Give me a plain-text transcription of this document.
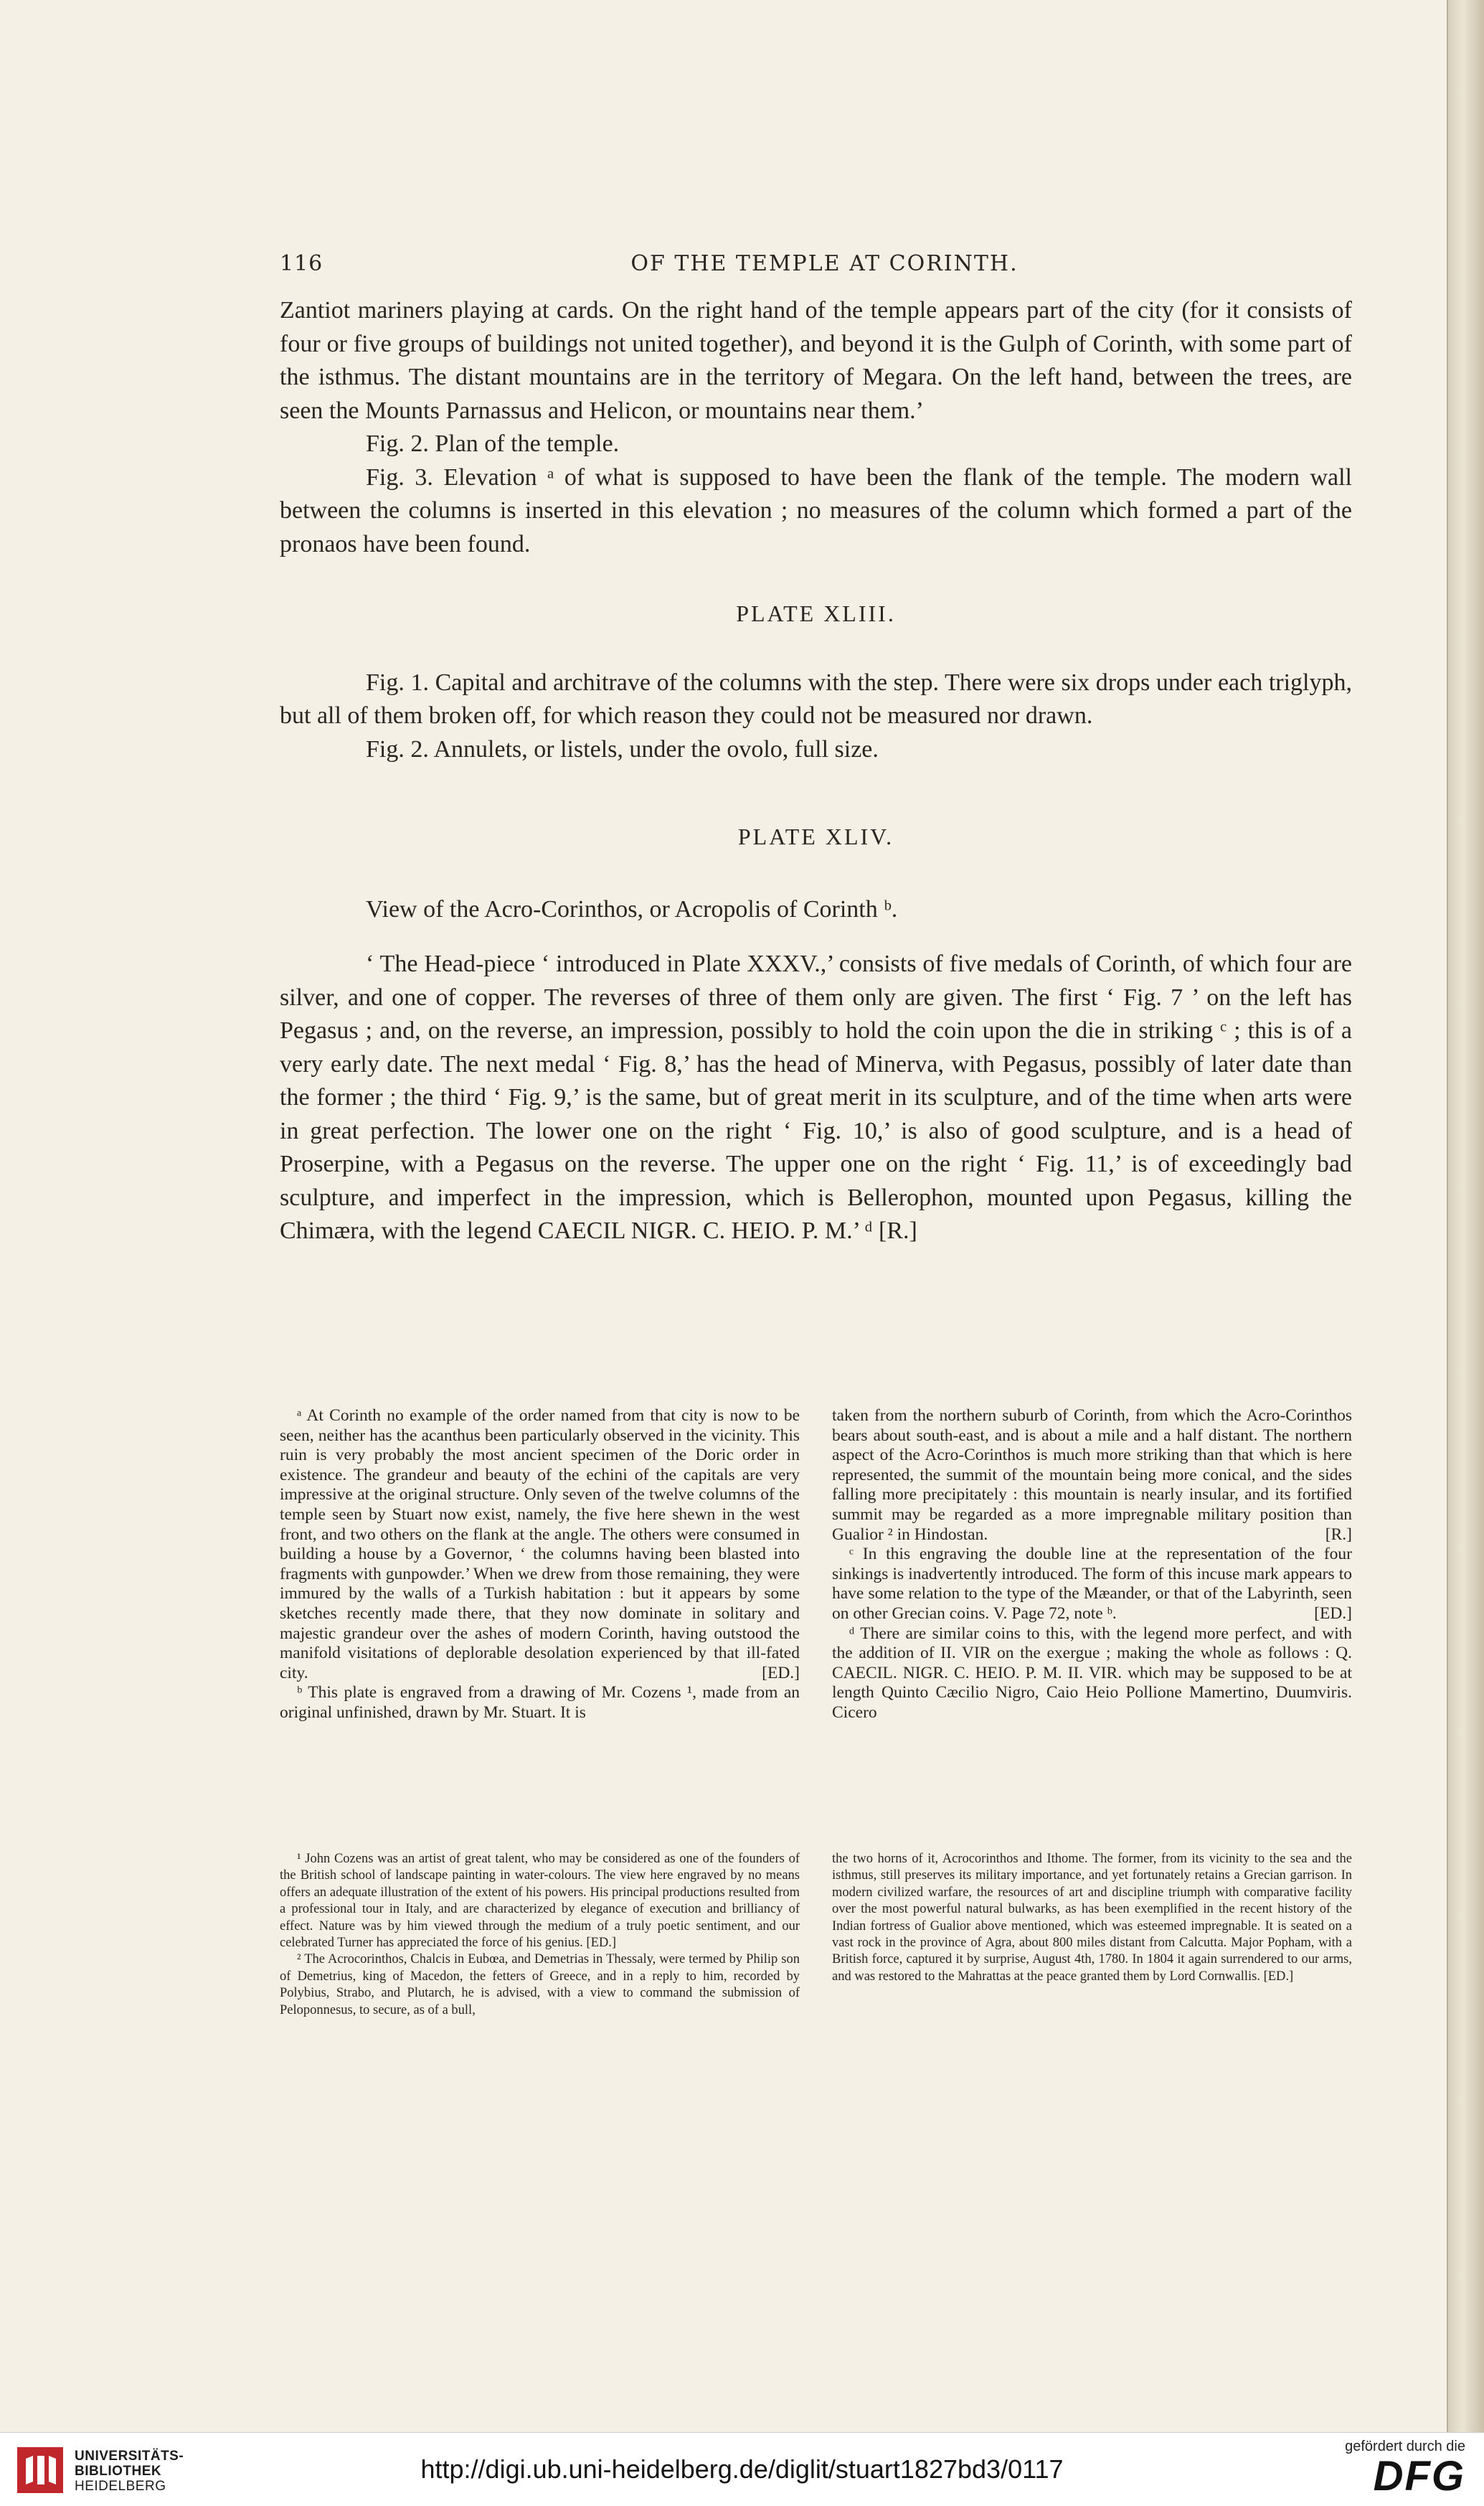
116	OF THE TEMPLE AT CORINTH.

Zantiot mariners playing at cards. On the right hand of the temple appears part of the city (for it consists of four or five groups of buildings not united together), and beyond it is the Gulph of Corinth, with some part of the isthmus. The distant mountains are in the territory of Megara. On the left hand, between the trees, are seen the Mounts Parnassus and Helicon, or mountains near them.’

Fig. 2. Plan of the temple.

Fig. 3. Elevation ᵃ of what is supposed to have been the flank of the temple. The modern wall between the columns is inserted in this elevation ; no measures of the column which formed a part of the pronaos have been found.

PLATE XLIII.

Fig. 1. Capital and architrave of the columns with the step. There were six drops under each triglyph, but all of them broken off, for which reason they could not be measured nor drawn.

Fig. 2. Annulets, or listels, under the ovolo, full size.

PLATE XLIV.

View of the Acro-Corinthos, or Acropolis of Corinth ᵇ.

‘ The Head-piece ‘ introduced in Plate XXXV.,’ consists of five medals of Corinth, of which four are silver, and one of copper. The reverses of three of them only are given. The first ‘ Fig. 7 ’ on the left has Pegasus ; and, on the reverse, an impression, possibly to hold the coin upon the die in striking ᶜ ; this is of a very early date. The next medal ‘ Fig. 8,’ has the head of Minerva, with Pegasus, possibly of later date than the former ; the third ‘ Fig. 9,’ is the same, but of great merit in its sculpture, and of the time when arts were in great perfection. The lower one on the right ‘ Fig. 10,’ is also of good sculpture, and is a head of Proserpine, with a Pegasus on the reverse. The upper one on the right ‘ Fig. 11,’ is of exceedingly bad sculpture, and imperfect in the impression, which is Bellerophon, mounted upon Pegasus, killing the Chimæra, with the legend CAECIL NIGR. C. HEIO. P. M.’ ᵈ [R.]

ᵃ At Corinth no example of the order named from that city is now to be seen, neither has the acanthus been particularly observed in the vicinity. This ruin is very probably the most ancient specimen of the Doric order in existence. The grandeur and beauty of the echini of the capitals are very impressive at the original structure. Only seven of the twelve columns of the temple seen by Stuart now exist, namely, the five here shewn in the west front, and two others on the flank at the angle. The others were consumed in building a house by a Governor, ‘ the columns having been blasted into fragments with gunpowder.’ When we drew from those remaining, they were immured by the walls of a Turkish habitation : but it appears by some sketches recently made there, that they now dominate in solitary and majestic grandeur over the ashes of modern Corinth, having outstood the manifold visitations of deplorable desolation experienced by that ill-fated city.	[ED.]

ᵇ This plate is engraved from a drawing of Mr. Cozens ¹, made from an original unfinished, drawn by Mr. Stuart. It is

taken from the northern suburb of Corinth, from which the Acro-Corinthos bears about south-east, and is about a mile and a half distant. The northern aspect of the Acro-Corinthos is much more striking than that which is here represented, the summit of the mountain being more conical, and the sides falling more precipitately : this mountain is nearly insular, and its fortified summit may be regarded as a more impregnable military position than Gualior ² in Hindostan.	[R.]

ᶜ In this engraving the double line at the representation of the four sinkings is inadvertently introduced. The form of this incuse mark appears to have some relation to the type of the Mæander, or that of the Labyrinth, seen on other Grecian coins. V. Page 72, note ᵇ.	[ED.]

ᵈ There are similar coins to this, with the legend more perfect, and with the addition of II. VIR on the exergue ; making the whole as follows : Q. CAECIL. NIGR. C. HEIO. P. M. II. VIR. which may be supposed to be at length Quinto Cæcilio Nigro, Caio Heio Pollione Mamertino, Duumviris. Cicero

¹ John Cozens was an artist of great talent, who may be considered as one of the founders of the British school of landscape painting in water-colours. The view here engraved by no means offers an adequate illustration of the extent of his powers. His principal productions resulted from a professional tour in Italy, and are characterized by elegance of execution and brilliancy of effect. Nature was by him viewed through the medium of a truly poetic sentiment, and our celebrated Turner has appreciated the force of his genius. [ED.]

² The Acrocorinthos, Chalcis in Eubœa, and Demetrias in Thessaly, were termed by Philip son of Demetrius, king of Macedon, the fetters of Greece, and in a reply to him, recorded by Polybius, Strabo, and Plutarch, he is advised, with a view to command the submission of Peloponnesus, to secure, as of a bull,

the two horns of it, Acrocorinthos and Ithome. The former, from its vicinity to the sea and the isthmus, still preserves its military importance, and yet fortunately retains a Grecian garrison. In modern civilized warfare, the resources of art and discipline triumph with comparative facility over the most powerful natural bulwarks, as has been exemplified in the recent history of the Indian fortress of Gualior above mentioned, which was esteemed impregnable. It is seated on a vast rock in the province of Agra, about 800 miles distant from Calcutta. Major Popham, with a British force, captured it by surprise, August 4th, 1780. In 1804 it again surrendered to our arms, and was restored to the Mahrattas at the peace granted them by Lord Cornwallis. [ED.]

UNIVERSITÄTS-
BIBLIOTHEK
HEIDELBERG
http://digi.ub.uni-heidelberg.de/diglit/stuart1827bd3/0117
gefördert durch die
DFG
